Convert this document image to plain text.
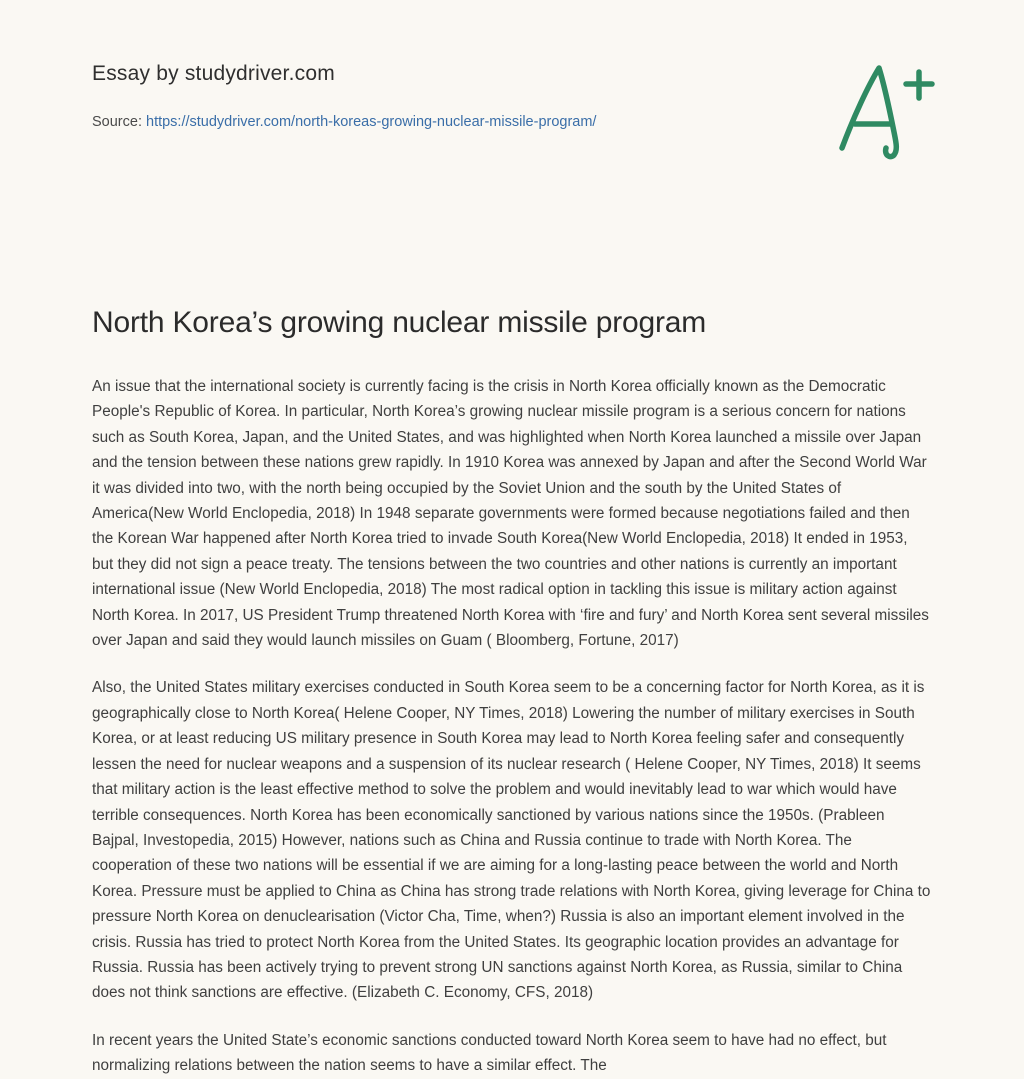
Essay by studydriver.com

Source: https://studydriver.com/north-koreas-growing-nuclear-missile-program/

North Korea’s growing nuclear missile program

An issue that the international society is currently facing is the crisis in North Korea officially known as the Democratic People's Republic of Korea. In particular, North Korea’s growing nuclear missile program is a serious concern for nations such as South Korea, Japan, and the United States, and was highlighted when North Korea launched a missile over Japan and the tension between these nations grew rapidly. In 1910 Korea was annexed by Japan and after the Second World War it was divided into two, with the north being occupied by the Soviet Union and the south by the United States of America(New World Enclopedia, 2018) In 1948 separate governments were formed because negotiations failed and then the Korean War happened after North Korea tried to invade South Korea(New World Enclopedia, 2018) It ended in 1953, but they did not sign a peace treaty. The tensions between the two countries and other nations is currently an important international issue (New World Enclopedia, 2018) The most radical option in tackling this issue is military action against North Korea. In 2017, US President Trump threatened North Korea with ‘fire and fury’ and North Korea sent several missiles over Japan and said they would launch missiles on Guam ( Bloomberg, Fortune, 2017)

Also, the United States military exercises conducted in South Korea seem to be a concerning factor for North Korea, as it is geographically close to North Korea( Helene Cooper, NY Times, 2018) Lowering the number of military exercises in South Korea, or at least reducing US military presence in South Korea may lead to North Korea feeling safer and consequently lessen the need for nuclear weapons and a suspension of its nuclear research ( Helene Cooper, NY Times, 2018) It seems that military action is the least effective method to solve the problem and would inevitably lead to war which would have terrible consequences. North Korea has been economically sanctioned by various nations since the 1950s. (Prableen Bajpal, Investopedia, 2015) However, nations such as China and Russia continue to trade with North Korea. The cooperation of these two nations will be essential if we are aiming for a long-lasting peace between the world and North Korea. Pressure must be applied to China as China has strong trade relations with North Korea, giving leverage for China to pressure North Korea on denuclearisation (Victor Cha, Time, when?) Russia is also an important element involved in the crisis. Russia has tried to protect North Korea from the United States. Its geographic location provides an advantage for Russia. Russia has been actively trying to prevent strong UN sanctions against North Korea, as Russia, similar to China does not think sanctions are effective. (Elizabeth C. Economy, CFS, 2018)

In recent years the United State’s economic sanctions conducted toward North Korea seem to have had no effect, but normalizing relations between the nation seems to have a similar effect. The
